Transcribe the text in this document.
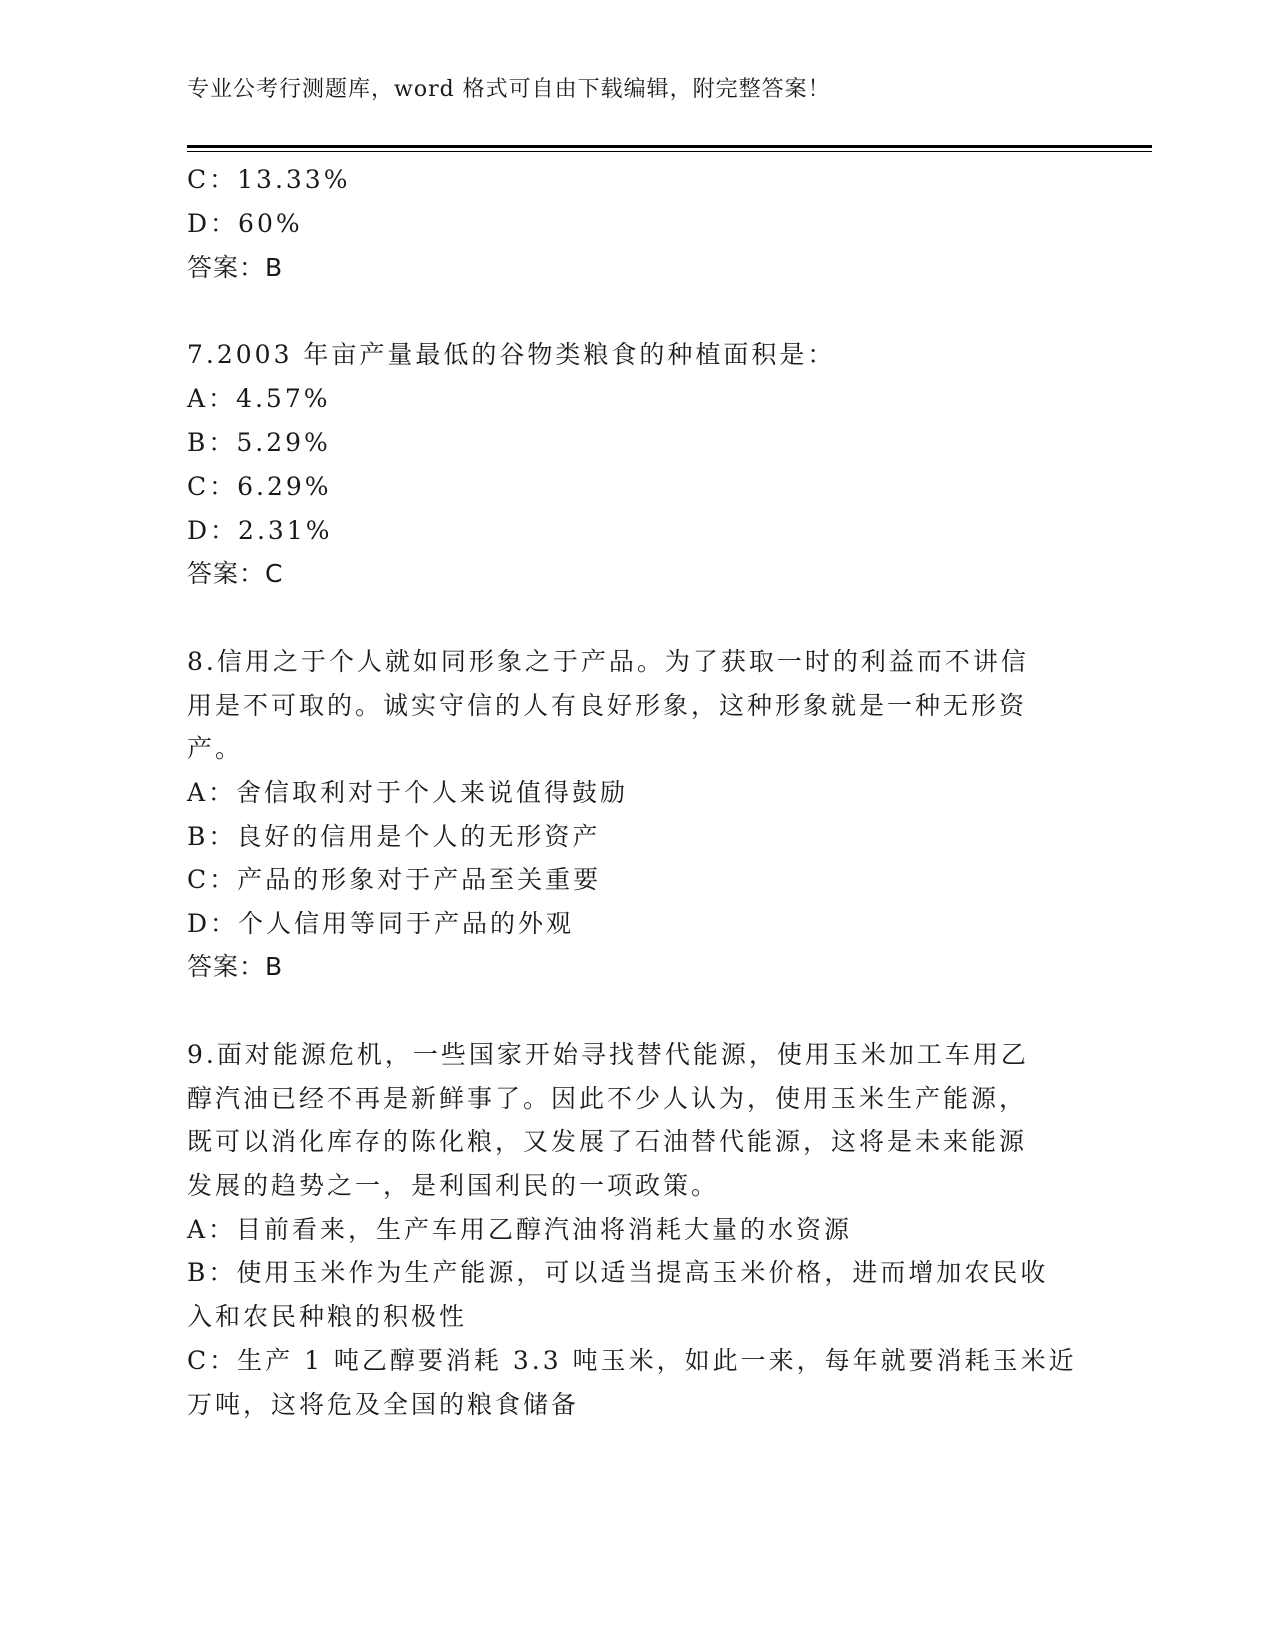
专业公考行测题库，word 格式可自由下载编辑，附完整答案！
C：13.33%
D：60%
答案：B
7.2003 年亩产量最低的谷物类粮食的种植面积是：
A：4.57%
B：5.29%
C：6.29%
D：2.31%
答案：C
8.信用之于个人就如同形象之于产品。为了获取一时的利益而不讲信
用是不可取的。诚实守信的人有良好形象，这种形象就是一种无形资
产。
A：舍信取利对于个人来说值得鼓励
B：良好的信用是个人的无形资产
C：产品的形象对于产品至关重要
D：个人信用等同于产品的外观
答案：B
9.面对能源危机，一些国家开始寻找替代能源，使用玉米加工车用乙
醇汽油已经不再是新鲜事了。因此不少人认为，使用玉米生产能源，
既可以消化库存的陈化粮，又发展了石油替代能源，这将是未来能源
发展的趋势之一，是利国利民的一项政策。
A：目前看来，生产车用乙醇汽油将消耗大量的水资源
B：使用玉米作为生产能源，可以适当提高玉米价格，进而增加农民收
入和农民种粮的积极性
C：生产 1 吨乙醇要消耗 3.3 吨玉米，如此一来，每年就要消耗玉米近
万吨，这将危及全国的粮食储备
